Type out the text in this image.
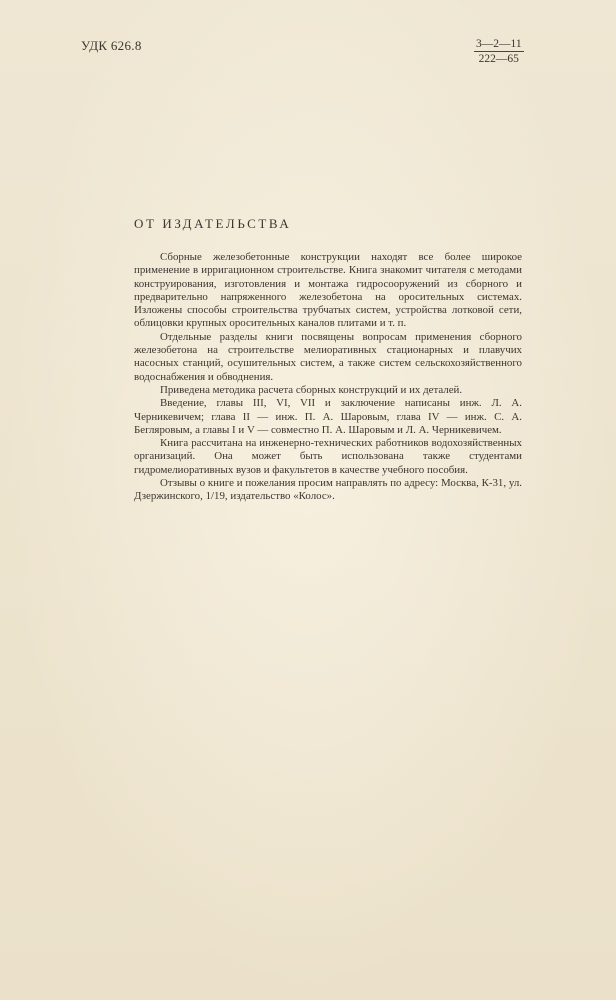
УДК 626.8	3—2—11
222—65
ОТ ИЗДАТЕЛЬСТВА

Сборные железобетонные конструкции находят все более широкое применение в ирригационном строительстве. Книга знакомит читателя с методами конструирования, изготовления и монтажа гидросооружений из сборного и предварительно напряженного железобетона на оросительных системах. Изложены способы строительства трубчатых систем, устройства лотковой сети, облицовки крупных оросительных каналов плитами и т. п.

Отдельные разделы книги посвящены вопросам применения сборного железобетона на строительстве мелиоративных стационарных и плавучих насосных станций, осушительных систем, а также систем сельскохозяйственного водоснабжения и обводнения.

Приведена методика расчета сборных конструкций и их деталей.

Введение, главы III, VI, VII и заключение написаны инж. Л. А. Черникевичем; глава II — инж. П. А. Шаровым, глава IV — инж. С. А. Бегляровым, а главы I и V — совместно П. А. Шаровым и Л. А. Черникевичем.

Книга рассчитана на инженерно-технических работников водохозяйственных организаций. Она может быть использована также студентами гидромелиоративных вузов и факультетов в качестве учебного пособия.

Отзывы о книге и пожелания просим направлять по адресу: Москва, К-31, ул. Дзержинского, 1/19, издательство «Колос».
